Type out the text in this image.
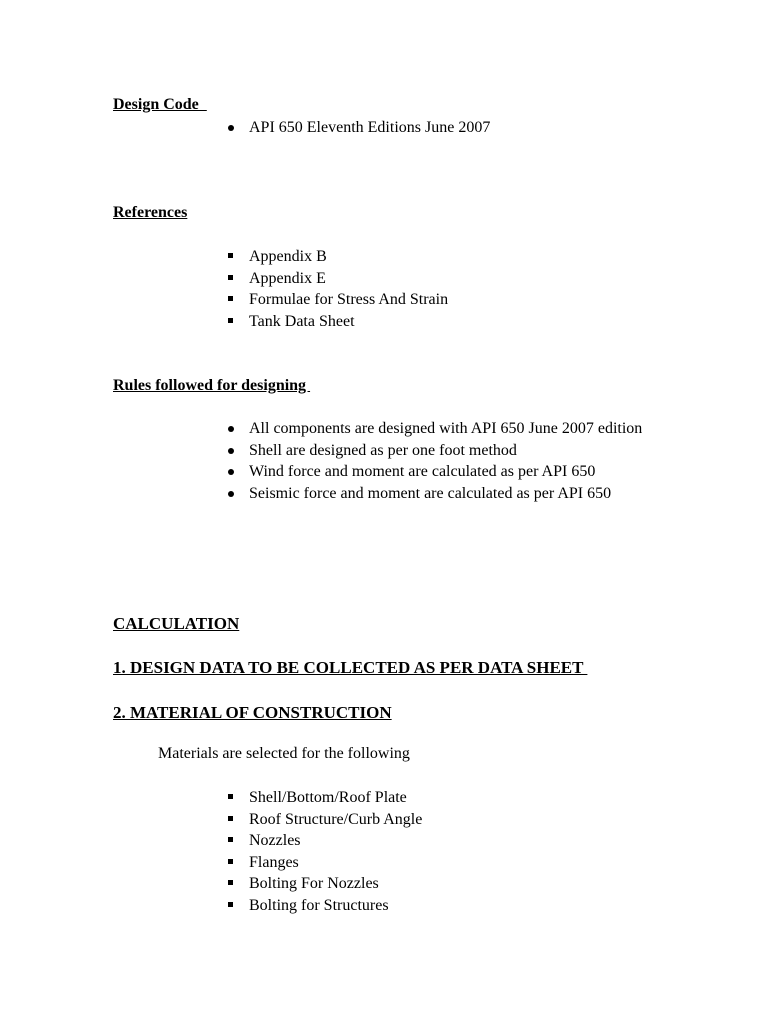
Design Code
API 650 Eleventh Editions June 2007
References
Appendix B
Appendix E
Formulae for Stress And Strain
Tank Data Sheet
Rules followed for designing
All components are designed with API 650 June 2007 edition
Shell are designed as per one foot method
Wind force and moment are calculated as per API 650
Seismic force and moment are calculated as per API 650
CALCULATION
1. DESIGN DATA TO BE COLLECTED AS PER DATA SHEET
2. MATERIAL OF CONSTRUCTION

Materials are selected for the following

Shell/Bottom/Roof Plate
Roof Structure/Curb Angle
Nozzles
Flanges
Bolting For Nozzles
Bolting for Structures
